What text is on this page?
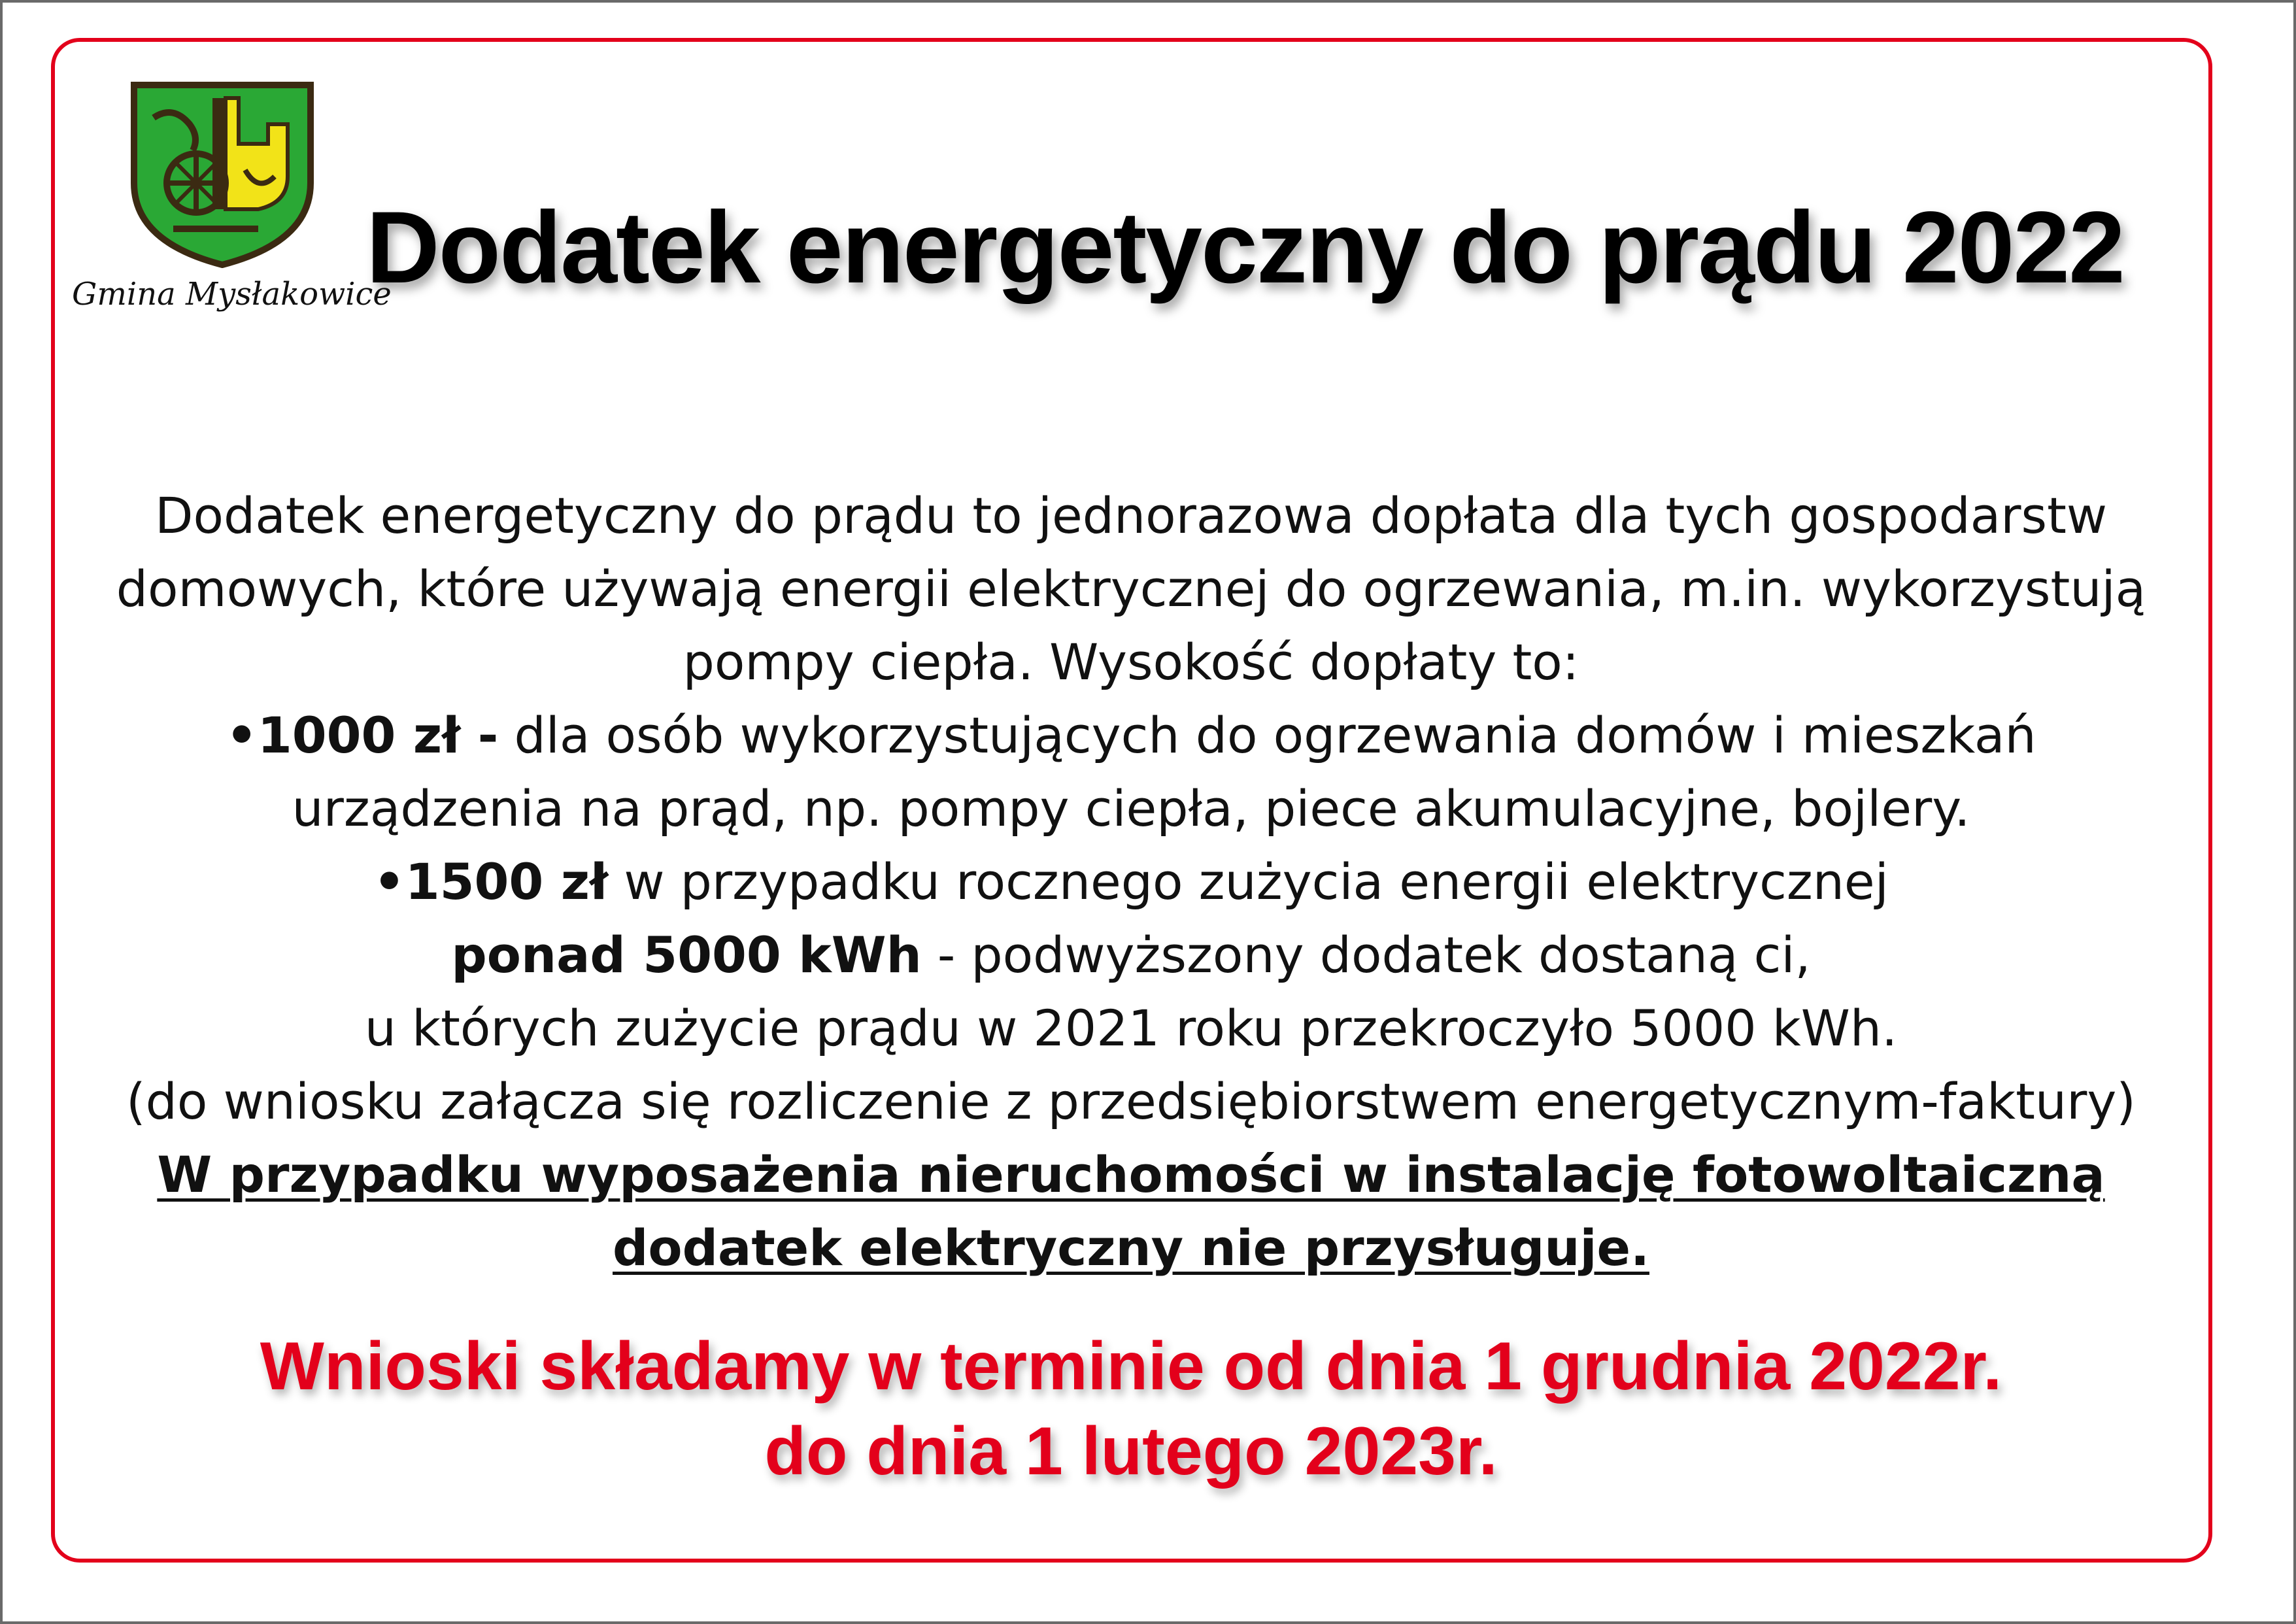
Gmina Mysłakowice
Dodatek energetyczny do prądu 2022
Dodatek energetyczny do prądu to jednorazowa dopłata dla tych gospodarstw
domowych, które używają energii elektrycznej do ogrzewania, m.in. wykorzystują
pompy ciepła. Wysokość dopłaty to:
•1000 zł - dla osób wykorzystujących do ogrzewania domów i mieszkań
urządzenia na prąd, np. pompy ciepła, piece akumulacyjne, bojlery.
•1500 zł w przypadku rocznego zużycia energii elektrycznej
ponad 5000 kWh - podwyższony dodatek dostaną ci,
u których zużycie prądu w 2021 roku przekroczyło 5000 kWh.
(do wniosku załącza się rozliczenie z przedsiębiorstwem energetycznym-faktury)
W przypadku wyposażenia nieruchomości w instalację fotowoltaiczną
dodatek elektryczny nie przysługuje.
Wnioski składamy w terminie od dnia 1 grudnia 2022r.
do dnia 1 lutego 2023r.
